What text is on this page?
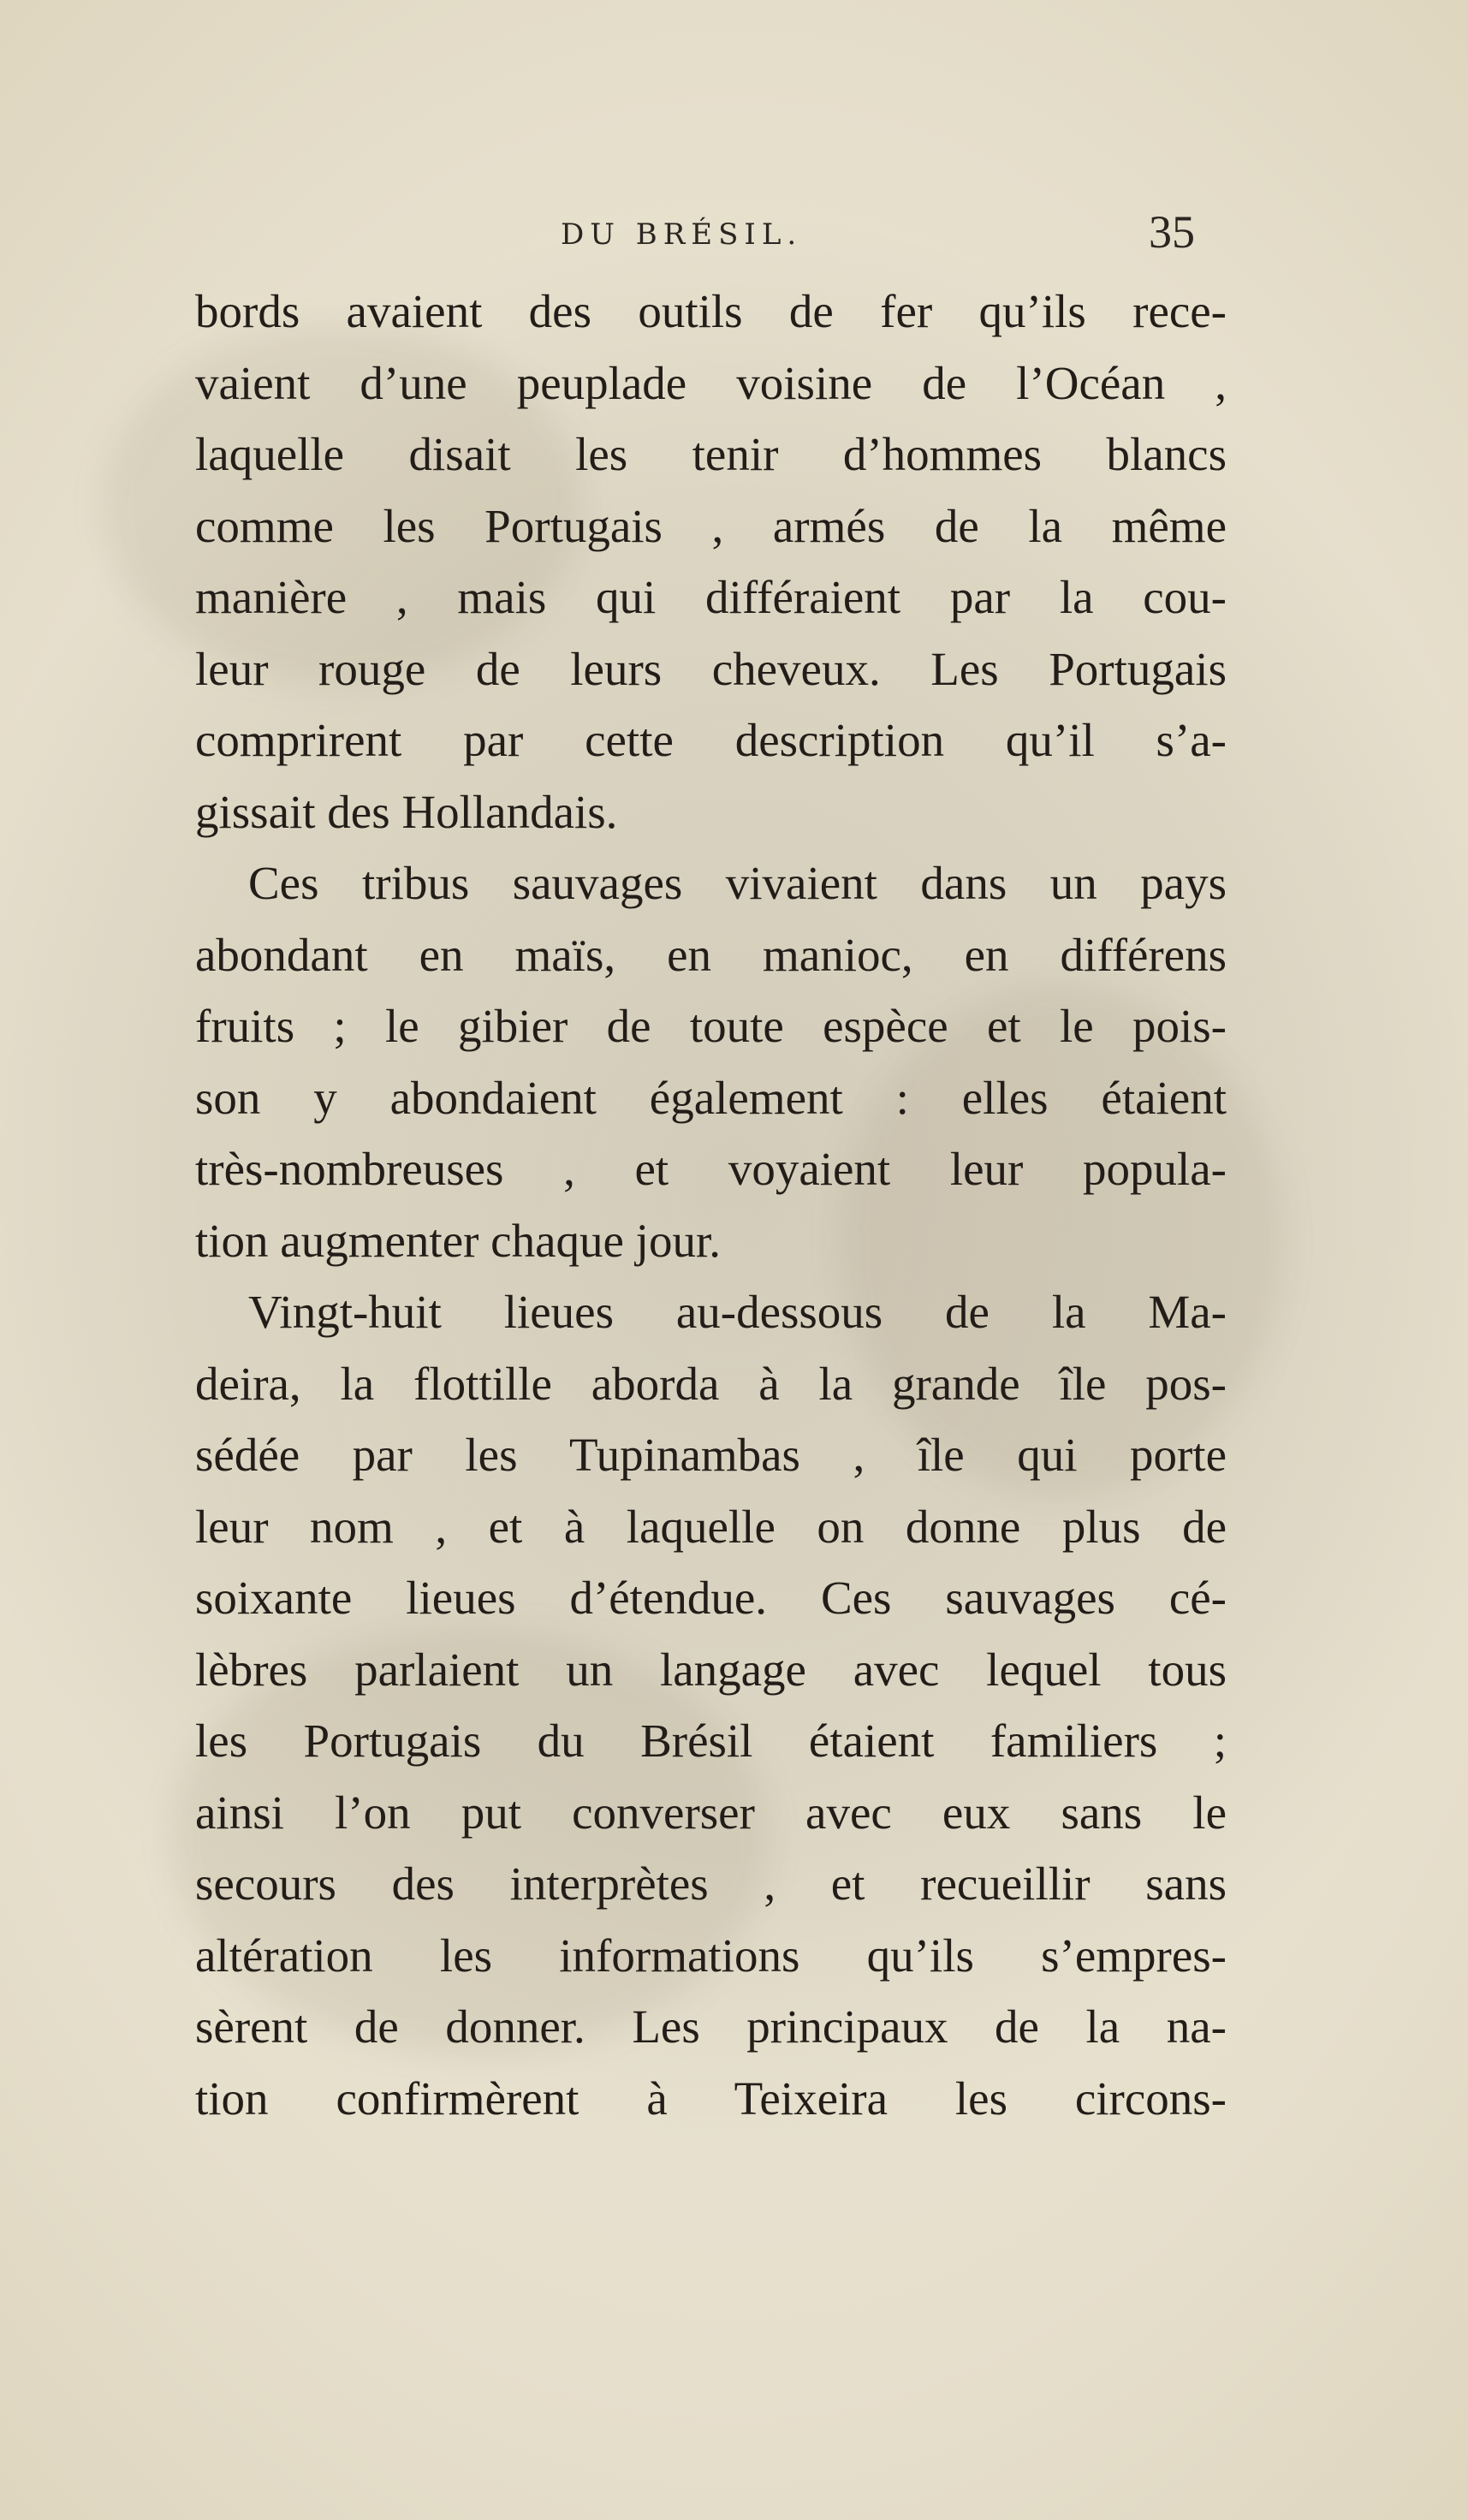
DU BRÉSIL.	35
bords avaient des outils de fer qu’ils rece-
vaient d’une peuplade voisine de l’Océan ,
laquelle disait les tenir d’hommes blancs
comme les Portugais , armés de la même
manière , mais qui différaient par la cou-
leur rouge de leurs cheveux. Les Portugais
comprirent par cette description qu’il s’a-
gissait des Hollandais.
Ces tribus sauvages vivaient dans un pays
abondant en maïs, en manioc, en différens
fruits ; le gibier de toute espèce et le pois-
son y abondaient également : elles étaient
très-nombreuses , et voyaient leur popula-
tion augmenter chaque jour.
Vingt-huit lieues au-dessous de la Ma-
deira, la flottille aborda à la grande île pos-
sédée par les Tupinambas , île qui porte
leur nom , et à laquelle on donne plus de
soixante lieues d’étendue. Ces sauvages cé-
lèbres parlaient un langage avec lequel tous
les Portugais du Brésil étaient familiers ;
ainsi l’on put converser avec eux sans le
secours des interprètes , et recueillir sans
altération les informations qu’ils s’empres-
sèrent de donner. Les principaux de la na-
tion confirmèrent à Teixeira les circons-
